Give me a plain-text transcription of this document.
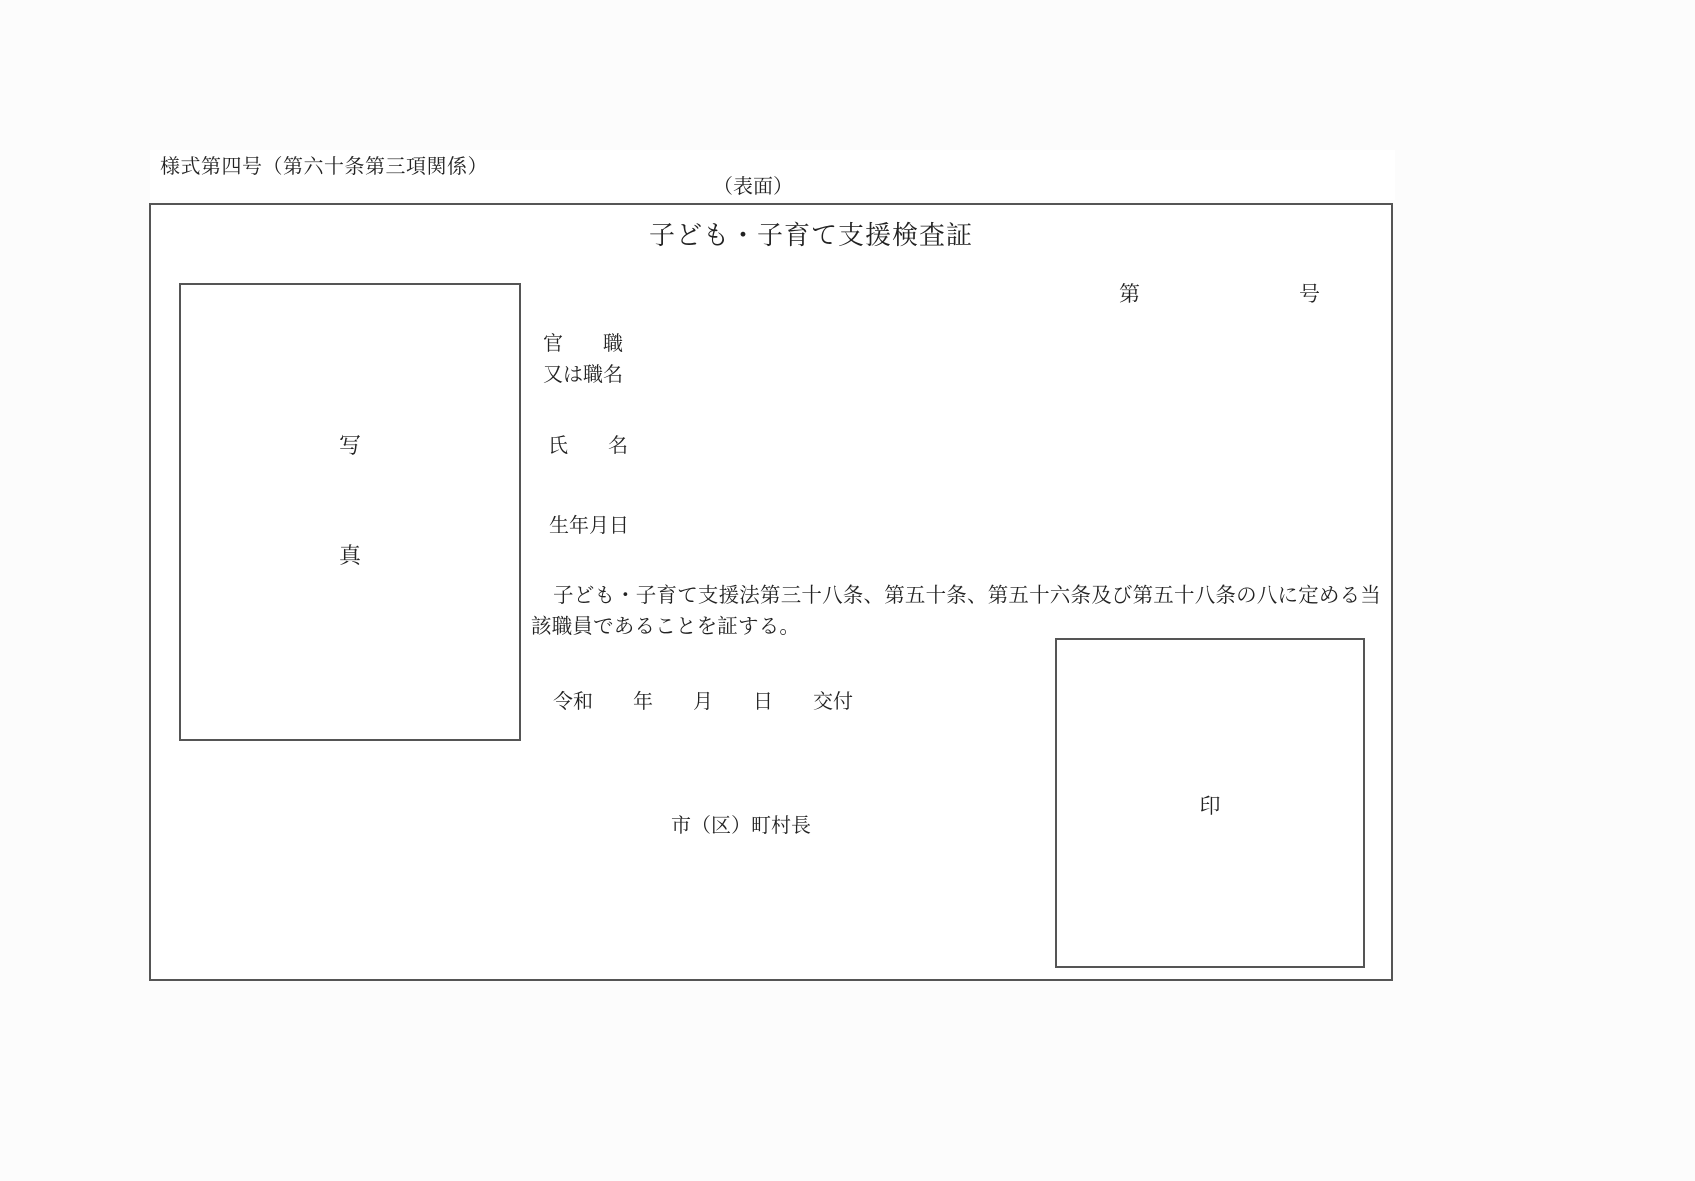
様式第四号（第六十条第三項関係）
（表面）
子ども・子育て支援検査証
第	号
写
真
官　　職
又は職名
氏　　名
生年月日
子ども・子育て支援法第三十八条、第五十条、第五十六条及び第五十八条の八に定める当該職員であることを証する。
令和　　年　　月　　日　　交付
市（区）町村長
印
